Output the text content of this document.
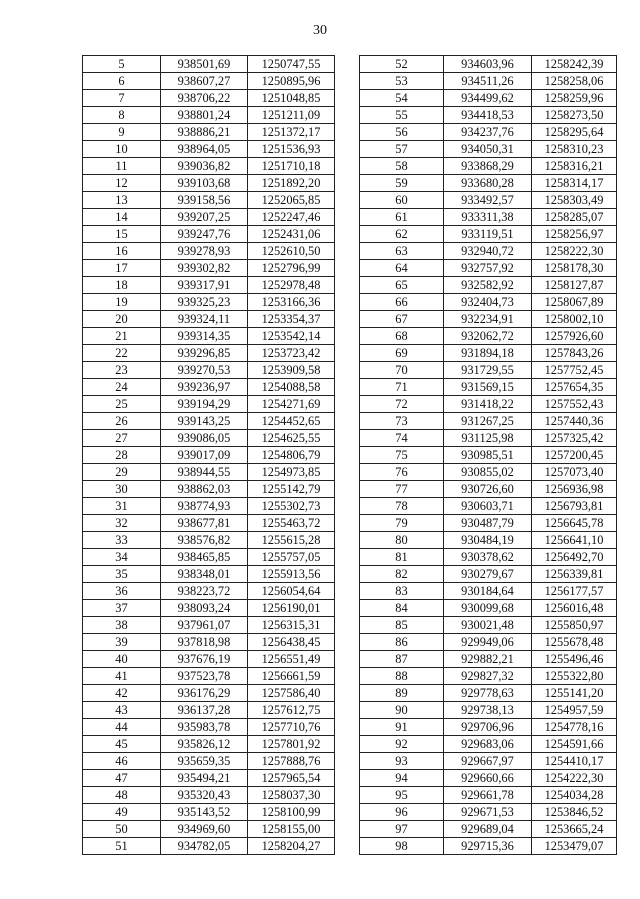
30
5	938501,69	1250747,55
6	938607,27	1250895,96
7	938706,22	1251048,85
8	938801,24	1251211,09
9	938886,21	1251372,17
10	938964,05	1251536,93
11	939036,82	1251710,18
12	939103,68	1251892,20
13	939158,56	1252065,85
14	939207,25	1252247,46
15	939247,76	1252431,06
16	939278,93	1252610,50
17	939302,82	1252796,99
18	939317,91	1252978,48
19	939325,23	1253166,36
20	939324,11	1253354,37
21	939314,35	1253542,14
22	939296,85	1253723,42
23	939270,53	1253909,58
24	939236,97	1254088,58
25	939194,29	1254271,69
26	939143,25	1254452,65
27	939086,05	1254625,55
28	939017,09	1254806,79
29	938944,55	1254973,85
30	938862,03	1255142,79
31	938774,93	1255302,73
32	938677,81	1255463,72
33	938576,82	1255615,28
34	938465,85	1255757,05
35	938348,01	1255913,56
36	938223,72	1256054,64
37	938093,24	1256190,01
38	937961,07	1256315,31
39	937818,98	1256438,45
40	937676,19	1256551,49
41	937523,78	1256661,59
42	936176,29	1257586,40
43	936137,28	1257612,75
44	935983,78	1257710,76
45	935826,12	1257801,92
46	935659,35	1257888,76
47	935494,21	1257965,54
48	935320,43	1258037,30
49	935143,52	1258100,99
50	934969,60	1258155,00
51	934782,05	1258204,27
52	934603,96	1258242,39
53	934511,26	1258258,06
54	934499,62	1258259,96
55	934418,53	1258273,50
56	934237,76	1258295,64
57	934050,31	1258310,23
58	933868,29	1258316,21
59	933680,28	1258314,17
60	933492,57	1258303,49
61	933311,38	1258285,07
62	933119,51	1258256,97
63	932940,72	1258222,30
64	932757,92	1258178,30
65	932582,92	1258127,87
66	932404,73	1258067,89
67	932234,91	1258002,10
68	932062,72	1257926,60
69	931894,18	1257843,26
70	931729,55	1257752,45
71	931569,15	1257654,35
72	931418,22	1257552,43
73	931267,25	1257440,36
74	931125,98	1257325,42
75	930985,51	1257200,45
76	930855,02	1257073,40
77	930726,60	1256936,98
78	930603,71	1256793,81
79	930487,79	1256645,78
80	930484,19	1256641,10
81	930378,62	1256492,70
82	930279,67	1256339,81
83	930184,64	1256177,57
84	930099,68	1256016,48
85	930021,48	1255850,97
86	929949,06	1255678,48
87	929882,21	1255496,46
88	929827,32	1255322,80
89	929778,63	1255141,20
90	929738,13	1254957,59
91	929706,96	1254778,16
92	929683,06	1254591,66
93	929667,97	1254410,17
94	929660,66	1254222,30
95	929661,78	1254034,28
96	929671,53	1253846,52
97	929689,04	1253665,24
98	929715,36	1253479,07
